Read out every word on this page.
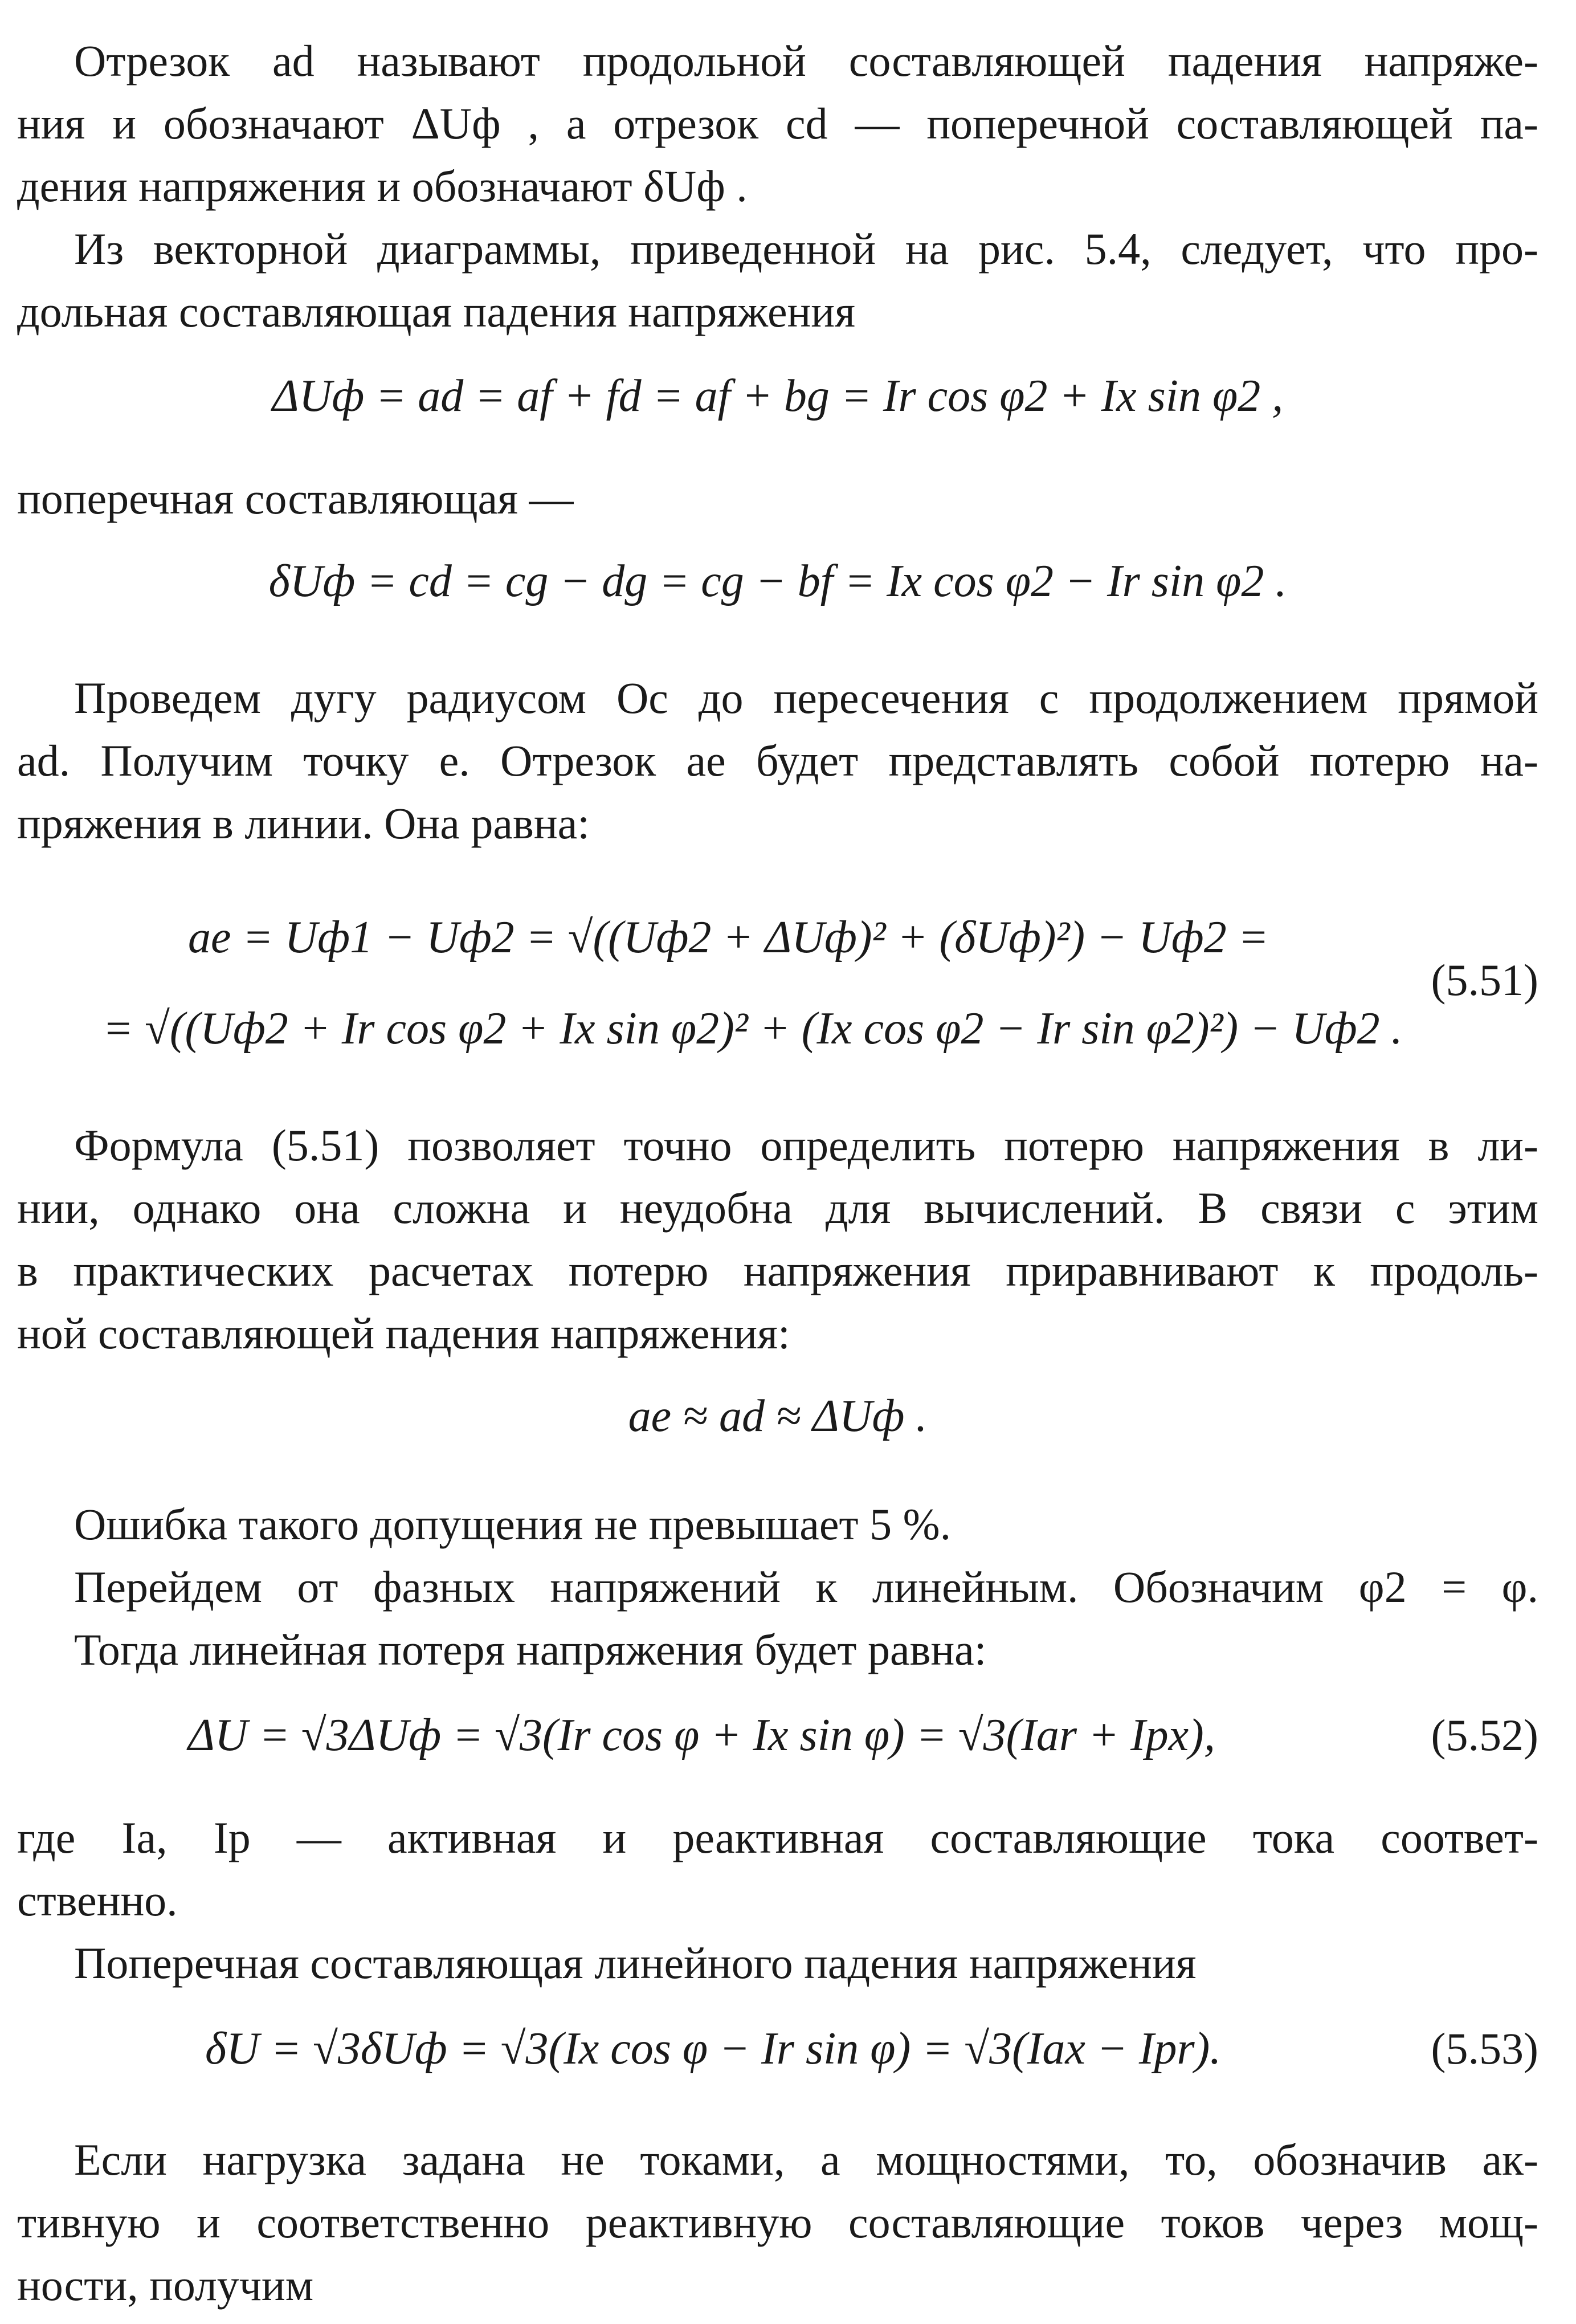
Отрезок ad называют продольной составляющей падения напряже-
ния и обозначают ΔUф , а отрезок cd — поперечной составляющей па-
дения напряжения и обозначают δUф .
Из векторной диаграммы, приведенной на рис. 5.4, следует, что про-
дольная составляющая падения напряжения
ΔUф = ad = af + fd = af + bg = Ir cos φ2 + Ix sin φ2 ,
поперечная составляющая —
δUф = cd = cg − dg = cg − bf = Ix cos φ2 − Ir sin φ2 .
Проведем дугу радиусом Oc до пересечения с продолжением прямой
ad. Получим точку e. Отрезок ae будет представлять собой потерю на-
пряжения в линии. Она равна:
ae = Uф1 − Uф2 = √((Uф2 + ΔUф)² + (δUф)²) − Uф2 =
= √((Uф2 + Ir cos φ2 + Ix sin φ2)² + (Ix cos φ2 − Ir sin φ2)²) − Uф2 .
(5.51)
Формула (5.51) позволяет точно определить потерю напряжения в ли-
нии, однако она сложна и неудобна для вычислений. В связи с этим
в практических расчетах потерю напряжения приравнивают к продоль-
ной составляющей падения напряжения:
ae ≈ ad ≈ ΔUф .
Ошибка такого допущения не превышает 5 %.
Перейдем от фазных напряжений к линейным. Обозначим φ2 = φ.
Тогда линейная потеря напряжения будет равна:
ΔU = √3ΔUф = √3(Ir cos φ + Ix sin φ) = √3(Iar + Ipx),	(5.52)
где Ia, Ip — активная и реактивная составляющие тока соответ-
ственно.
Поперечная составляющая линейного падения напряжения
δU = √3δUф = √3(Ix cos φ − Ir sin φ) = √3(Iax − Ipr).	(5.53)
Если нагрузка задана не токами, а мощностями, то, обозначив ак-
тивную и соответственно реактивную составляющие токов через мощ-
ности, получим
